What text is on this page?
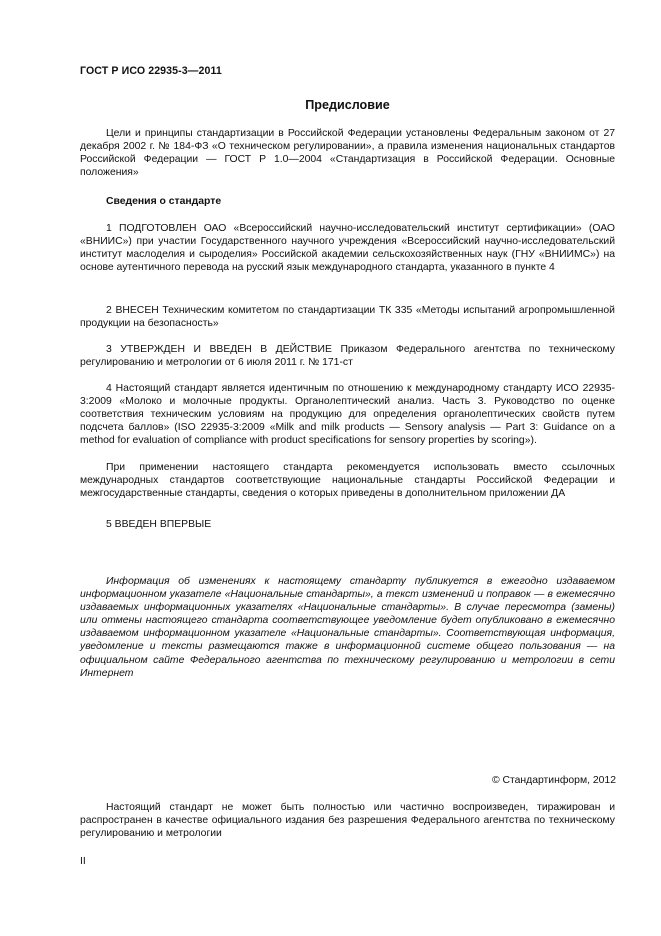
ГОСТ Р ИСО 22935-3—2011
Предисловие

Цели и принципы стандартизации в Российской Федерации установлены Федеральным законом от 27 декабря 2002 г. № 184-ФЗ «О техническом регулировании», а правила изменения национальных стандартов Российской Федерации — ГОСТ Р 1.0—2004 «Стандартизация в Российской Федерации. Основные положения»

Сведения о стандарте

1 ПОДГОТОВЛЕН ОАО «Всероссийский научно-исследовательский институт сертификации» (ОАО «ВНИИС») при участии Государственного научного учреждения «Всероссийский научно-исследовательский институт маслоделия и сыроделия» Российской академии сельскохозяйственных наук (ГНУ «ВНИИМС») на основе аутентичного перевода на русский язык международного стандарта, указанного в пункте 4

2 ВНЕСЕН Техническим комитетом по стандартизации ТК 335 «Методы испытаний агропромышленной продукции на безопасность»

3 УТВЕРЖДЕН И ВВЕДЕН В ДЕЙСТВИЕ Приказом Федерального агентства по техническому регулированию и метрологии от 6 июля 2011 г. № 171-ст

4 Настоящий стандарт является идентичным по отношению к международному стандарту ИСО 22935-3:2009 «Молоко и молочные продукты. Органолептический анализ. Часть 3. Руководство по оценке соответствия техническим условиям на продукцию для определения органолептических свойств путем подсчета баллов» (ISO 22935-3:2009 «Milk and milk products — Sensory analysis — Part 3: Guidance on a method for evaluation of compliance with product specifications for sensory properties by scoring»).

При применении настоящего стандарта рекомендуется использовать вместо ссылочных международных стандартов соответствующие национальные стандарты Российской Федерации и межгосударственные стандарты, сведения о которых приведены в дополнительном приложении ДА

5 ВВЕДЕН ВПЕРВЫЕ

Информация об изменениях к настоящему стандарту публикуется в ежегодно издаваемом информационном указателе «Национальные стандарты», а текст изменений и поправок — в ежемесячно издаваемых информационных указателях «Национальные стандарты». В случае пересмотра (замены) или отмены настоящего стандарта соответствующее уведомление будет опубликовано в ежемесячно издаваемом информационном указателе «Национальные стандарты». Соответствующая информация, уведомление и тексты размещаются также в информационной системе общего пользования — на официальном сайте Федерального агентства по техническому регулированию и метрологии в сети Интернет

© Стандартинформ, 2012

Настоящий стандарт не может быть полностью или частично воспроизведен, тиражирован и распространен в качестве официального издания без разрешения Федерального агентства по техническому регулированию и метрологии

II
